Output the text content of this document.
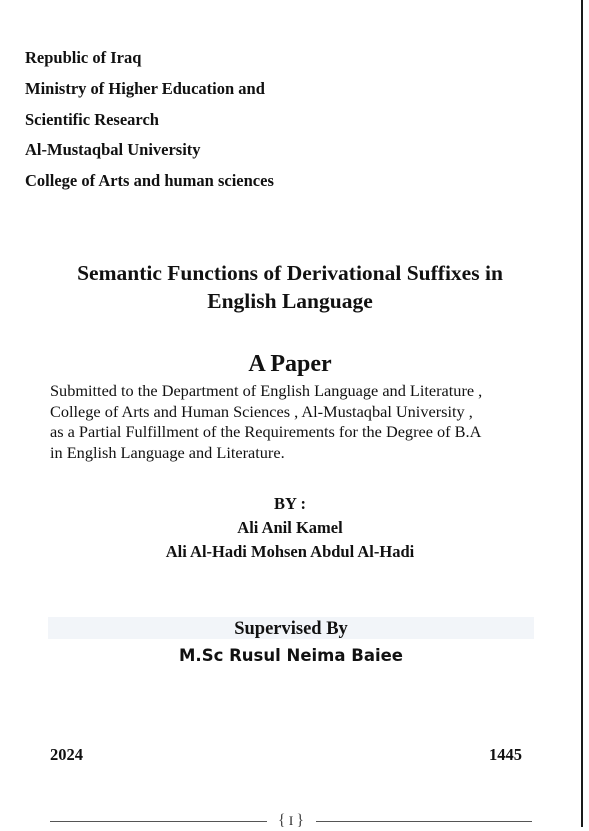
Republic of Iraq
Ministry of Higher Education and
Scientific Research
Al-Mustaqbal University
College of Arts and human sciences
Semantic Functions of Derivational Suffixes in
English Language
A Paper
Submitted to the Department of English Language and Literature ,
College of Arts and Human Sciences , Al-Mustaqbal University ,
as a Partial Fulfillment of the Requirements for the Degree of B.A
in English Language and Literature.
BY :
Ali Anil Kamel
Ali Al-Hadi Mohsen Abdul Al-Hadi
Supervised By
M.Sc Rusul Neima Baiee
2024	1445
{ I }
